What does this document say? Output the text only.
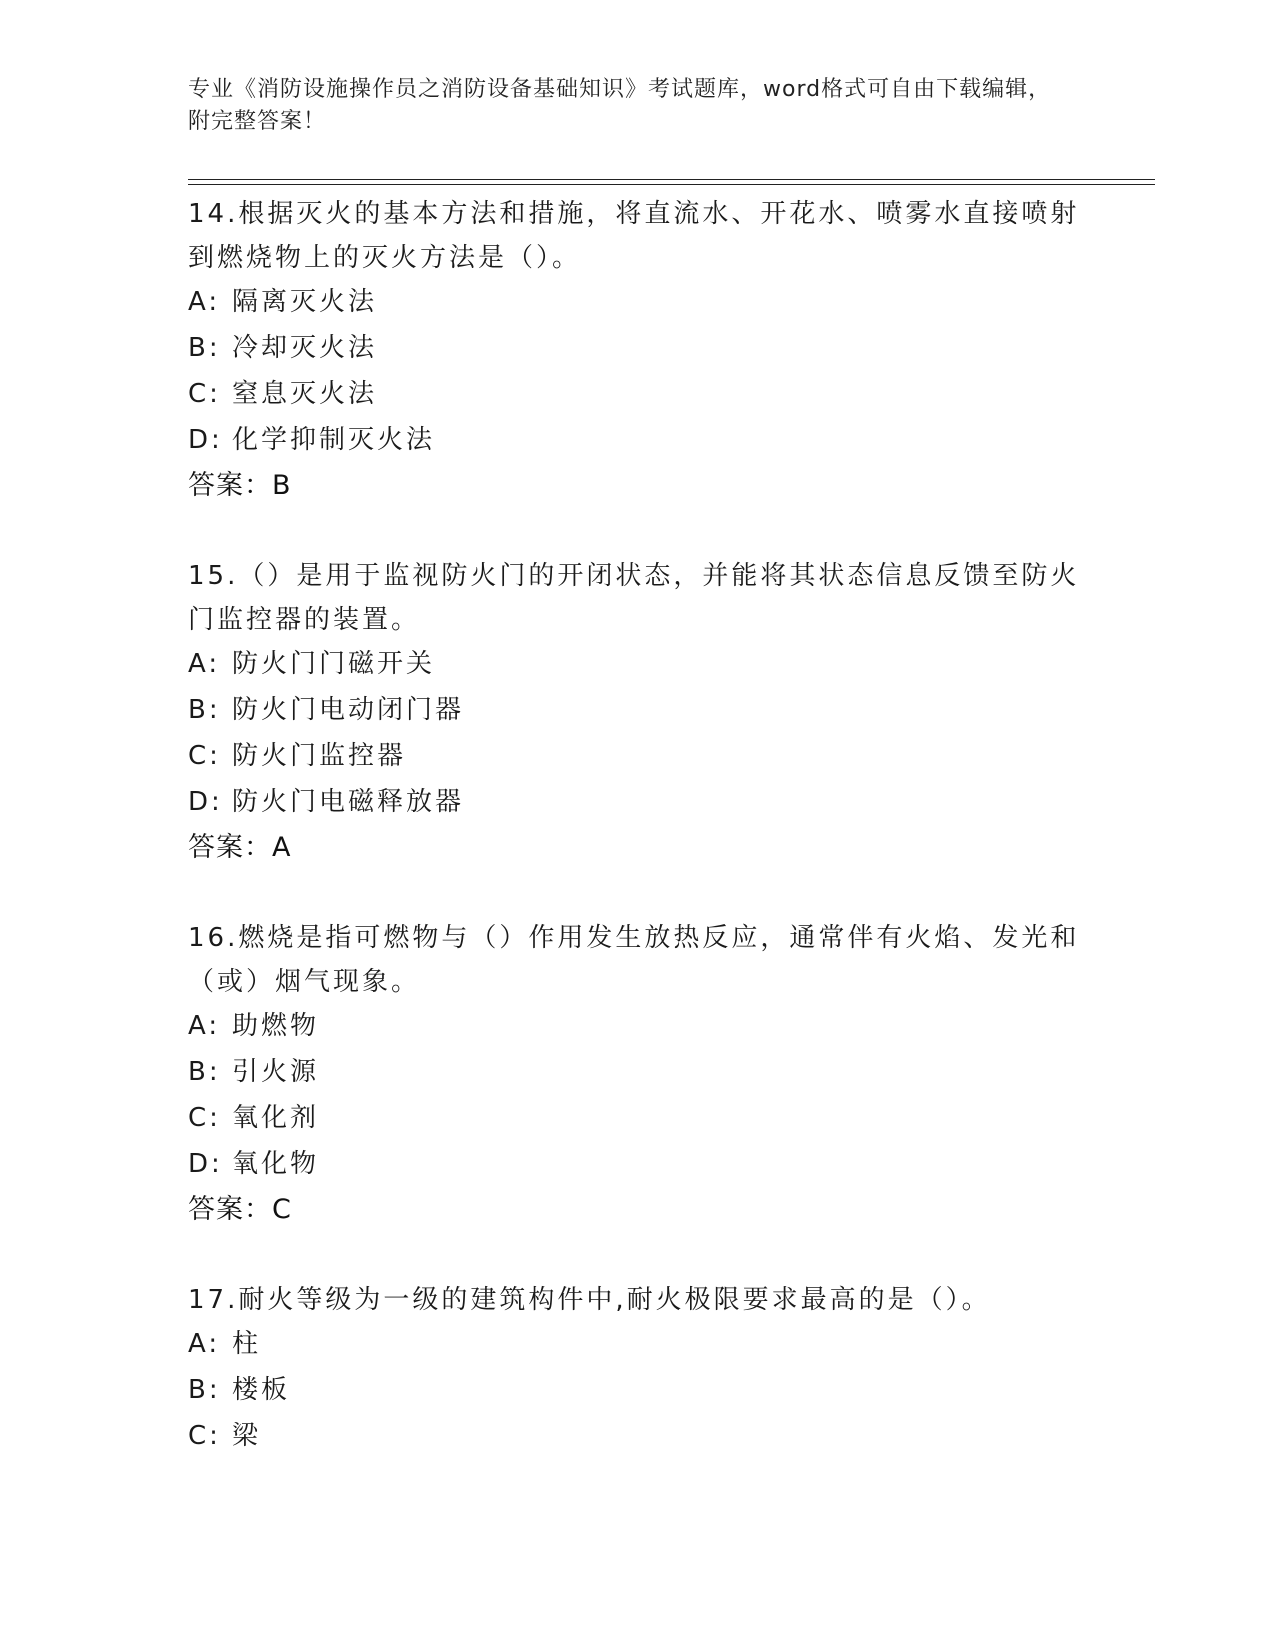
专业《消防设施操作员之消防设备基础知识》考试题库，word格式可自由下载编辑，附完整答案！

14.根据灭火的基本方法和措施，将直流水、开花水、喷雾水直接喷射到燃烧物上的灭火方法是（）。

A: 隔离灭火法

B: 冷却灭火法

C: 窒息灭火法

D: 化学抑制灭火法

答案：B

15.（）是用于监视防火门的开闭状态，并能将其状态信息反馈至防火门监控器的装置。

A: 防火门门磁开关

B: 防火门电动闭门器

C: 防火门监控器

D: 防火门电磁释放器

答案：A

16.燃烧是指可燃物与（）作用发生放热反应，通常伴有火焰、发光和（或）烟气现象。

A: 助燃物

B: 引火源

C: 氧化剂

D: 氧化物

答案：C

17.耐火等级为一级的建筑构件中,耐火极限要求最高的是（）。

A: 柱

B: 楼板

C: 梁
